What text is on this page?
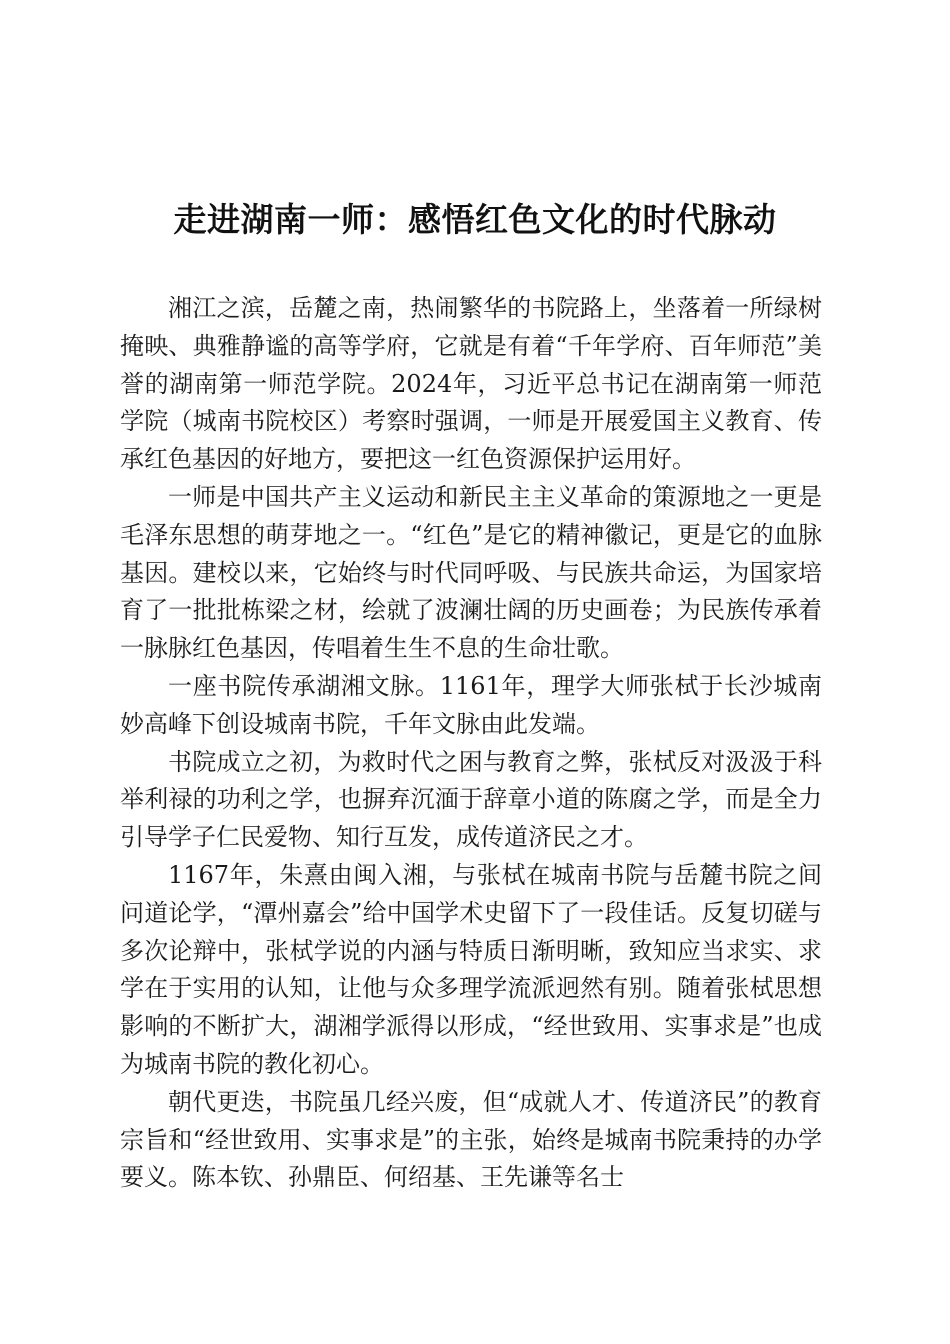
走进湖南一师：感悟红色文化的时代脉动

湘江之滨，岳麓之南，热闹繁华的书院路上，坐落着一所绿树掩映、典雅静谧的高等学府，它就是有着“千年学府、百年师范”美誉的湖南第一师范学院。2024年，习近平总书记在湖南第一师范学院（城南书院校区）考察时强调，一师是开展爱国主义教育、传承红色基因的好地方，要把这一红色资源保护运用好。

一师是中国共产主义运动和新民主主义革命的策源地之一更是毛泽东思想的萌芽地之一。“红色”是它的精神徽记，更是它的血脉基因。建校以来，它始终与时代同呼吸、与民族共命运，为国家培育了一批批栋梁之材，绘就了波澜壮阔的历史画卷；为民族传承着一脉脉红色基因，传唱着生生不息的生命壮歌。

一座书院传承湖湘文脉。1161年，理学大师张栻于长沙城南妙高峰下创设城南书院，千年文脉由此发端。

书院成立之初，为救时代之困与教育之弊，张栻反对汲汲于科举利禄的功利之学，也摒弃沉湎于辞章小道的陈腐之学，而是全力引导学子仁民爱物、知行互发，成传道济民之才。

1167年，朱熹由闽入湘，与张栻在城南书院与岳麓书院之间问道论学，“潭州嘉会”给中国学术史留下了一段佳话。反复切磋与多次论辩中，张栻学说的内涵与特质日渐明晰，致知应当求实、求学在于实用的认知，让他与众多理学流派迥然有别。随着张栻思想影响的不断扩大，湖湘学派得以形成，“经世致用、实事求是”也成为城南书院的教化初心。

朝代更迭，书院虽几经兴废，但“成就人才、传道济民”的教育宗旨和“经世致用、实事求是”的主张，始终是城南书院秉持的办学要义。陈本钦、孙鼎臣、何绍基、王先谦等名士
